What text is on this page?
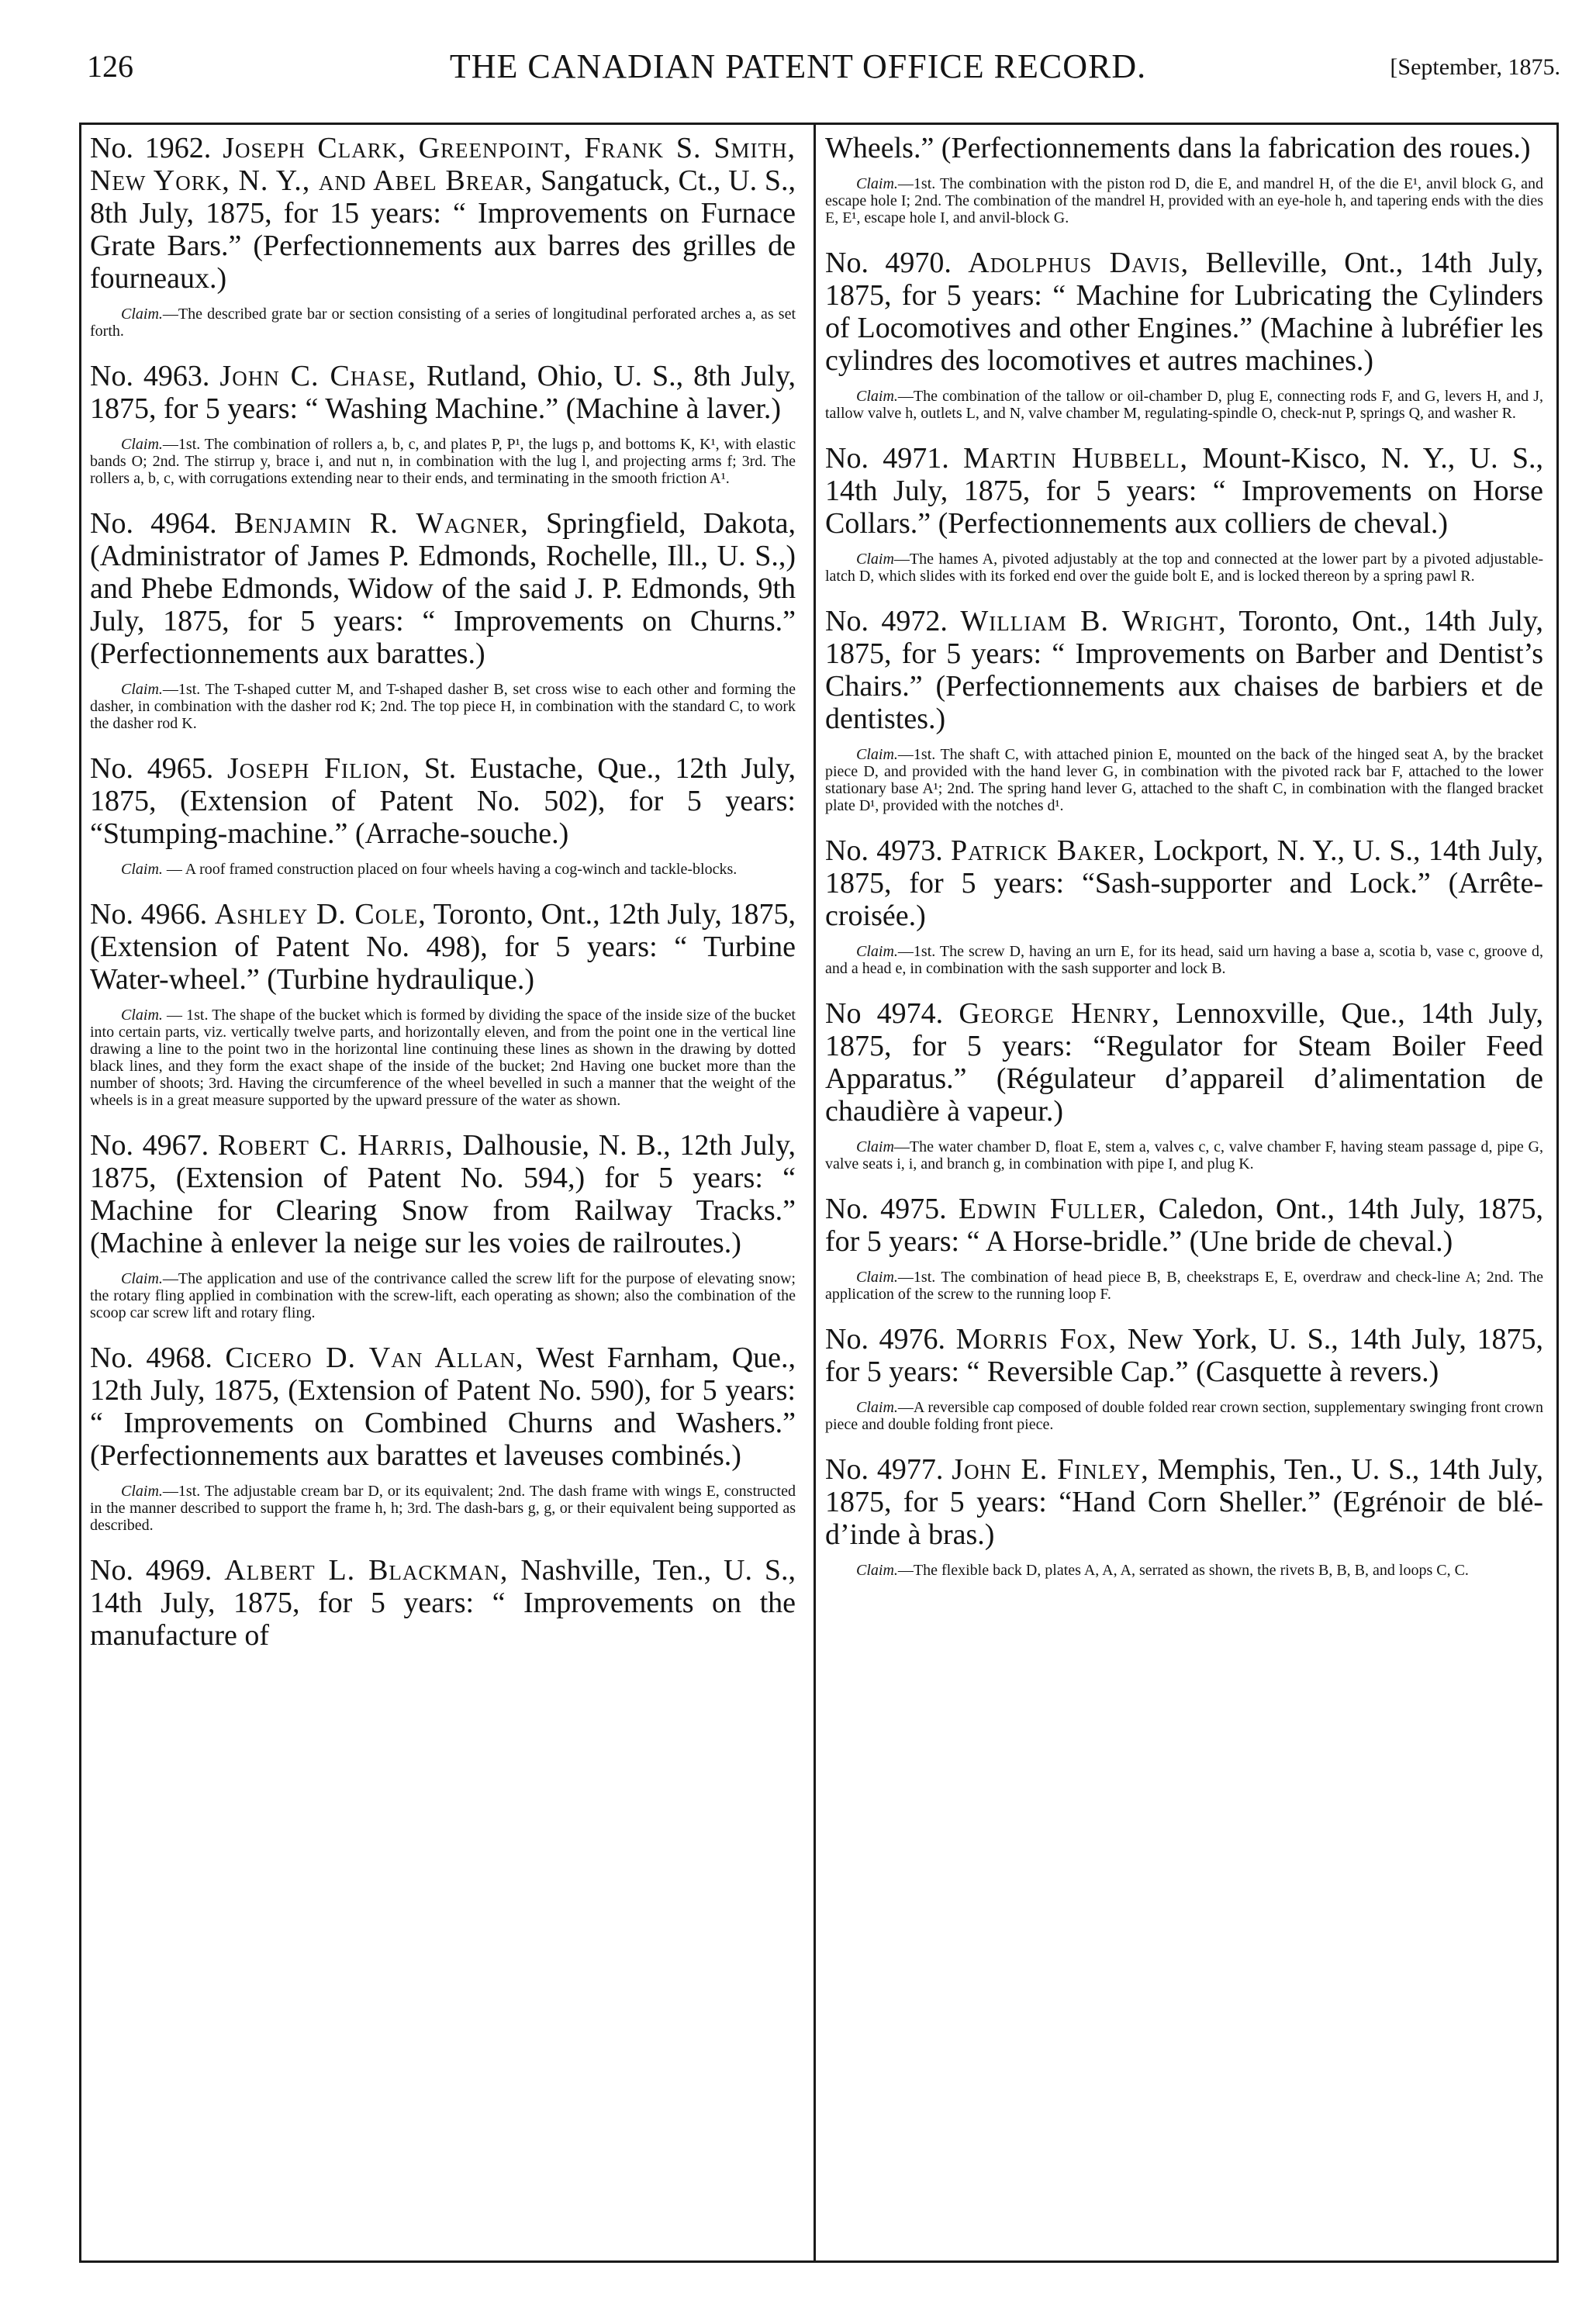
126	THE CANADIAN PATENT OFFICE RECORD.	[September, 1875.

No. 1962. Joseph Clark, Greenpoint, Frank S. Smith, New York, N. Y., and Abel Brear, Sangatuck, Ct., U. S., 8th July, 1875, for 15 years: “ Improvements on Furnace Grate Bars.” (Perfectionnements aux barres des grilles de fourneaux.)

Claim.—The described grate bar or section consisting of a series of longitudinal perforated arches a, as set forth.

No. 4963. John C. Chase, Rutland, Ohio, U. S., 8th July, 1875, for 5 years: “ Washing Machine.” (Machine à laver.)

Claim.—1st. The combination of rollers a, b, c, and plates P, P¹, the lugs p, and bottoms K, K¹, with elastic bands O; 2nd. The stirrup y, brace i, and nut n, in combination with the lug l, and projecting arms f; 3rd. The rollers a, b, c, with corrugations extending near to their ends, and terminating in the smooth friction A¹.

No. 4964. Benjamin R. Wagner, Springfield, Dakota, (Administrator of James P. Edmonds, Rochelle, Ill., U. S.,) and Phebe Edmonds, Widow of the said J. P. Edmonds, 9th July, 1875, for 5 years: “ Improvements on Churns.” (Perfectionnements aux barattes.)

Claim.—1st. The T-shaped cutter M, and T-shaped dasher B, set cross wise to each other and forming the dasher, in combination with the dasher rod K; 2nd. The top piece H, in combination with the standard C, to work the dasher rod K.

No. 4965. Joseph Filion, St. Eustache, Que., 12th July, 1875, (Extension of Patent No. 502), for 5 years: “Stumping-machine.” (Arrache-souche.)

Claim. — A roof framed construction placed on four wheels having a cog-winch and tackle-blocks.

No. 4966. Ashley D. Cole, Toronto, Ont., 12th July, 1875, (Extension of Patent No. 498), for 5 years: “ Turbine Water-wheel.” (Turbine hydraulique.)

Claim. — 1st. The shape of the bucket which is formed by dividing the space of the inside size of the bucket into certain parts, viz. vertically twelve parts, and horizontally eleven, and from the point one in the vertical line drawing a line to the point two in the horizontal line continuing these lines as shown in the drawing by dotted black lines, and they form the exact shape of the inside of the bucket; 2nd Having one bucket more than the number of shoots; 3rd. Having the circumference of the wheel bevelled in such a manner that the weight of the wheels is in a great measure supported by the upward pressure of the water as shown.

No. 4967. Robert C. Harris, Dalhousie, N. B., 12th July, 1875, (Extension of Patent No. 594,) for 5 years: “ Machine for Clearing Snow from Railway Tracks.” (Machine à enlever la neige sur les voies de railroutes.)

Claim.—The application and use of the contrivance called the screw lift for the purpose of elevating snow; the rotary fling applied in combination with the screw-lift, each operating as shown; also the combination of the scoop car screw lift and rotary fling.

No. 4968. Cicero D. Van Allan, West Farnham, Que., 12th July, 1875, (Extension of Patent No. 590), for 5 years: “ Improvements on Combined Churns and Washers.” (Perfectionnements aux barattes et laveuses combinés.)

Claim.—1st. The adjustable cream bar D, or its equivalent; 2nd. The dash frame with wings E, constructed in the manner described to support the frame h, h; 3rd. The dash-bars g, g, or their equivalent being supported as described.

No. 4969. Albert L. Blackman, Nashville, Ten., U. S., 14th July, 1875, for 5 years: “ Improvements on the manufacture of

Wheels.” (Perfectionnements dans la fabrication des roues.)

Claim.—1st. The combination with the piston rod D, die E, and mandrel H, of the die E¹, anvil block G, and escape hole I; 2nd. The combination of the mandrel H, provided with an eye-hole h, and tapering ends with the dies E, E¹, escape hole I, and anvil-block G.

No. 4970. Adolphus Davis, Belleville, Ont., 14th July, 1875, for 5 years: “ Machine for Lubricating the Cylinders of Locomotives and other Engines.” (Machine à lubréfier les cylindres des locomotives et autres machines.)

Claim.—The combination of the tallow or oil-chamber D, plug E, connecting rods F, and G, levers H, and J, tallow valve h, outlets L, and N, valve chamber M, regulating-spindle O, check-nut P, springs Q, and washer R.

No. 4971. Martin Hubbell, Mount-Kisco, N. Y., U. S., 14th July, 1875, for 5 years: “ Improvements on Horse Collars.” (Perfectionnements aux colliers de cheval.)

Claim—The hames A, pivoted adjustably at the top and connected at the lower part by a pivoted adjustable-latch D, which slides with its forked end over the guide bolt E, and is locked thereon by a spring pawl R.

No. 4972. William B. Wright, Toronto, Ont., 14th July, 1875, for 5 years: “ Improvements on Barber and Dentist’s Chairs.” (Perfectionnements aux chaises de barbiers et de dentistes.)

Claim.—1st. The shaft C, with attached pinion E, mounted on the back of the hinged seat A, by the bracket piece D, and provided with the hand lever G, in combination with the pivoted rack bar F, attached to the lower stationary base A¹; 2nd. The spring hand lever G, attached to the shaft C, in combination with the flanged bracket plate D¹, provided with the notches d¹.

No. 4973. Patrick Baker, Lockport, N. Y., U. S., 14th July, 1875, for 5 years: “Sash-supporter and Lock.” (Arrête-croisée.)

Claim.—1st. The screw D, having an urn E, for its head, said urn having a base a, scotia b, vase c, groove d, and a head e, in combination with the sash supporter and lock B.

No 4974. George Henry, Lennoxville, Que., 14th July, 1875, for 5 years: “Regulator for Steam Boiler Feed Apparatus.” (Régulateur d’appareil d’alimentation de chaudière à vapeur.)

Claim—The water chamber D, float E, stem a, valves c, c, valve chamber F, having steam passage d, pipe G, valve seats i, i, and branch g, in combination with pipe I, and plug K.

No. 4975. Edwin Fuller, Caledon, Ont., 14th July, 1875, for 5 years: “ A Horse-bridle.” (Une bride de cheval.)

Claim.—1st. The combination of head piece B, B, cheekstraps E, E, overdraw and check-line A; 2nd. The application of the screw to the running loop F.

No. 4976. Morris Fox, New York, U. S., 14th July, 1875, for 5 years: “ Reversible Cap.” (Casquette à revers.)

Claim.—A reversible cap composed of double folded rear crown section, supplementary swinging front crown piece and double folding front piece.

No. 4977. John E. Finley, Memphis, Ten., U. S., 14th July, 1875, for 5 years: “Hand Corn Sheller.” (Egrénoir de blé-d’inde à bras.)

Claim.—The flexible back D, plates A, A, A, serrated as shown, the rivets B, B, B, and loops C, C.
